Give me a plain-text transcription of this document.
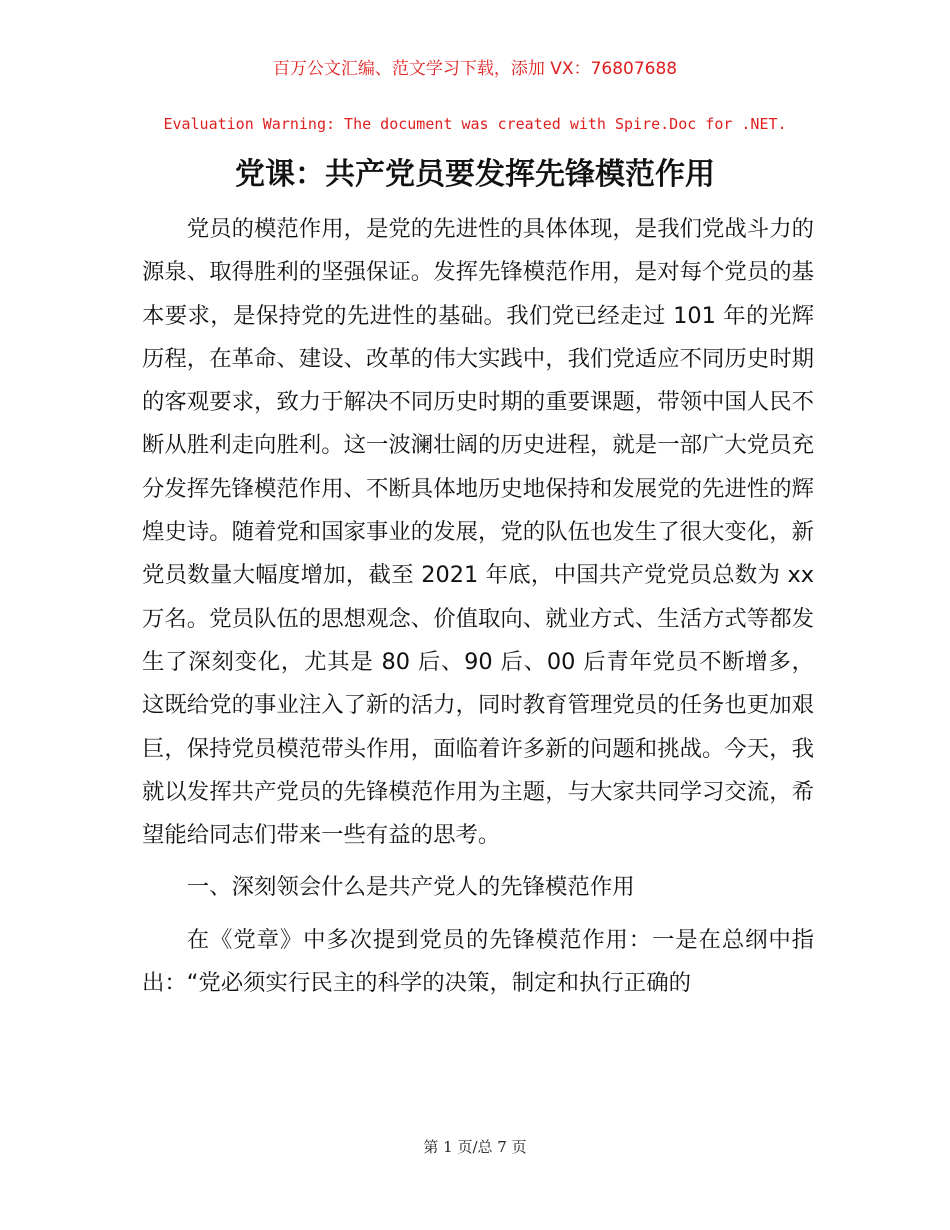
百万公文汇编、范文学习下载，添加 VX：76807688
Evaluation Warning: The document was created with Spire.Doc for .NET.
党课：共产党员要发挥先锋模范作用

党员的模范作用，是党的先进性的具体体现，是我们党战斗力的源泉、取得胜利的坚强保证。发挥先锋模范作用，是对每个党员的基本要求，是保持党的先进性的基础。我们党已经走过 101 年的光辉历程，在革命、建设、改革的伟大实践中，我们党适应不同历史时期的客观要求，致力于解决不同历史时期的重要课题，带领中国人民不断从胜利走向胜利。这一波澜壮阔的历史进程，就是一部广大党员充分发挥先锋模范作用、不断具体地历史地保持和发展党的先进性的辉煌史诗。随着党和国家事业的发展，党的队伍也发生了很大变化，新党员数量大幅度增加，截至 2021 年底，中国共产党党员总数为 xx 万名。党员队伍的思想观念、价值取向、就业方式、生活方式等都发生了深刻变化，尤其是 80 后、90 后、00 后青年党员不断增多，这既给党的事业注入了新的活力，同时教育管理党员的任务也更加艰巨，保持党员模范带头作用，面临着许多新的问题和挑战。今天，我就以发挥共产党员的先锋模范作用为主题，与大家共同学习交流，希望能给同志们带来一些有益的思考。

一、深刻领会什么是共产党人的先锋模范作用

在《党章》中多次提到党员的先锋模范作用：一是在总纲中指出：“党必须实行民主的科学的决策，制定和执行正确的

第 1 页/总 7 页
